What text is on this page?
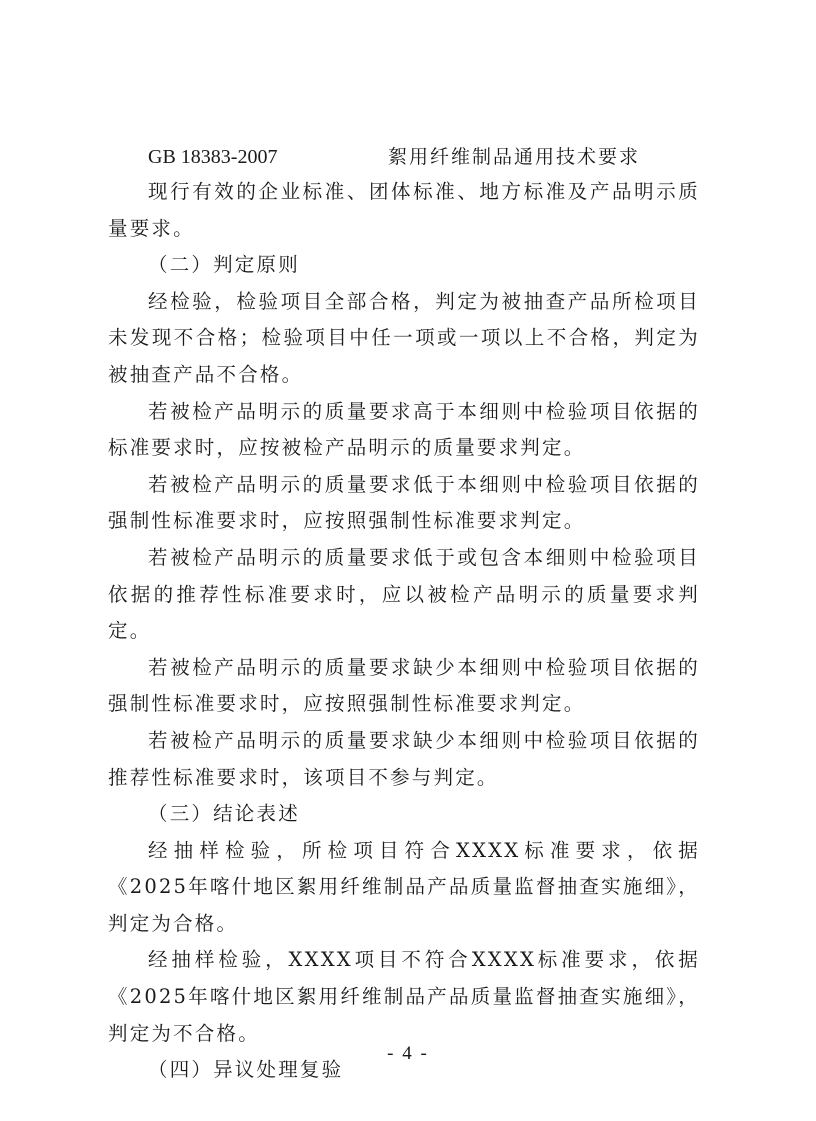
GB 18383-2007	絮用纤维制品通用技术要求

现行有效的企业标准、团体标准、地方标准及产品明示质量要求。

（二）判定原则

经检验，检验项目全部合格，判定为被抽查产品所检项目未发现不合格；检验项目中任一项或一项以上不合格，判定为被抽查产品不合格。

若被检产品明示的质量要求高于本细则中检验项目依据的标准要求时，应按被检产品明示的质量要求判定。

若被检产品明示的质量要求低于本细则中检验项目依据的强制性标准要求时，应按照强制性标准要求判定。

若被检产品明示的质量要求低于或包含本细则中检验项目依据的推荐性标准要求时，应以被检产品明示的质量要求判定。

若被检产品明示的质量要求缺少本细则中检验项目依据的强制性标准要求时，应按照强制性标准要求判定。

若被检产品明示的质量要求缺少本细则中检验项目依据的推荐性标准要求时，该项目不参与判定。

（三）结论表述

经抽样检验，所检项目符合XXXX标准要求，依据《2025年喀什地区絮用纤维制品产品质量监督抽查实施细》，判定为合格。

经抽样检验，XXXX项目不符合XXXX标准要求，依据《2025年喀什地区絮用纤维制品产品质量监督抽查实施细》，判定为不合格。

（四）异议处理复验

- 4 -
